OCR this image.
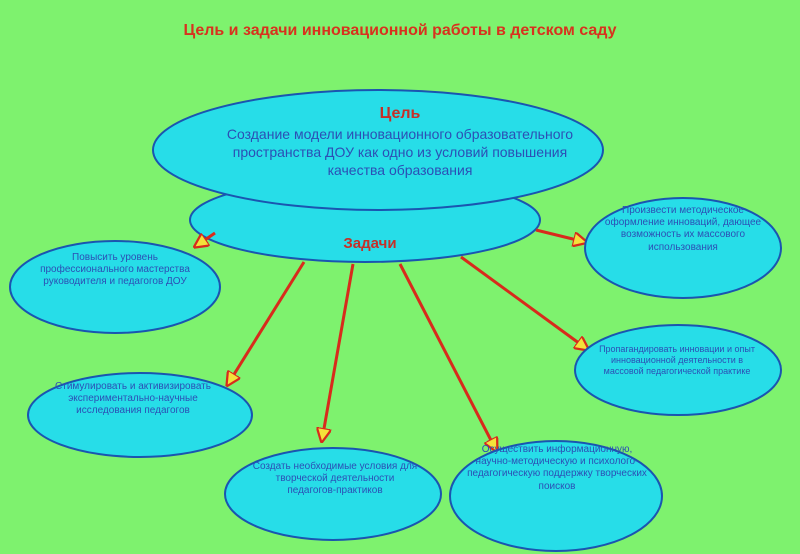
Цель и задачи инновационной работы в детском саду
Цель
Создание модели инновационного образовательного пространства ДОУ как одно из условий повышения качества образования
Задачи
Повысить уровень профессионального мастерства руководителя и педагогов ДОУ
Произвести методическое оформление инноваций, дающее возможность их массового использования
Стимулировать и активизировать экспериментально-научные исследования педагогов
Пропагандировать инновации и опыт инновационной деятельности в массовой педагогической практике
Создать необходимые условия для творческой деятельности педагогов-практиков
Осуществить информационную, научно-методическую и психолого-педагогическую поддержку творческих поисков
